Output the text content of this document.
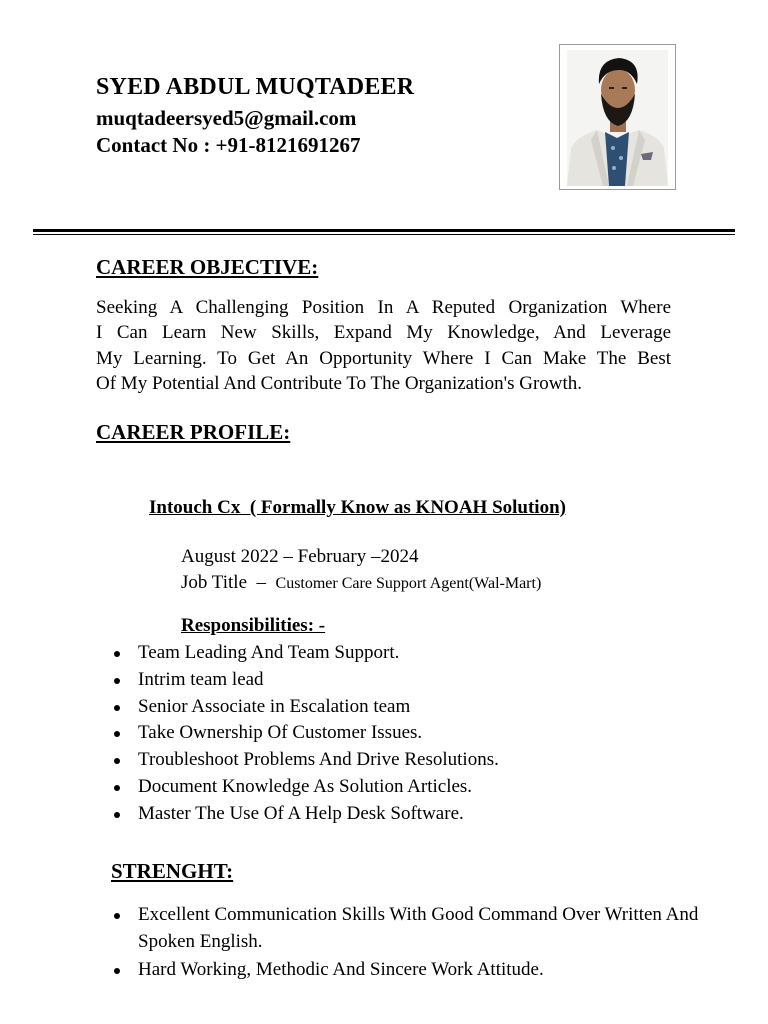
SYED ABDUL MUQTADEER
muqtadeersyed5@gmail.com
Contact No : +91-8121691267
CAREER OBJECTIVE:
Seeking A Challenging Position In A Reputed Organization Where
I Can Learn New Skills, Expand My Knowledge, And Leverage
My Learning. To Get An Opportunity Where I Can Make The Best
Of My Potential And Contribute To The Organization's Growth.
CAREER PROFILE:
Intouch Cx  ( Formally Know as KNOAH Solution)
August 2022 – February –2024
Job Title  –  Customer Care Support Agent(Wal-Mart)
Responsibilities: -
Team Leading And Team Support.
Intrim team lead
Senior Associate in Escalation team
Take Ownership Of Customer Issues.
Troubleshoot Problems And Drive Resolutions.
Document Knowledge As Solution Articles.
Master The Use Of A Help Desk Software.
STRENGHT:
Excellent Communication Skills With Good Command Over Written And Spoken English.
Hard Working, Methodic And Sincere Work Attitude.
